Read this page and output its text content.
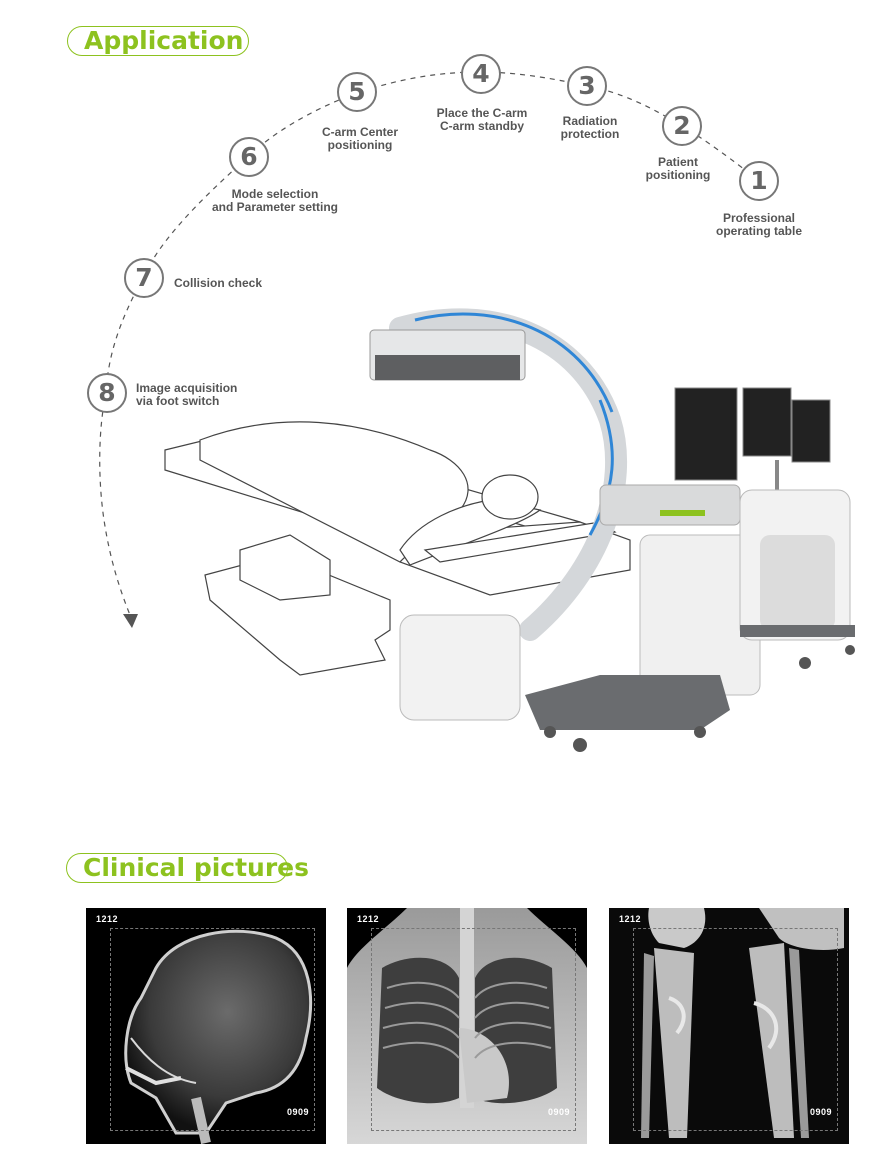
Application
1
Professional
operating table
2
Patient
positioning
3
Radiation
protection
4
Place the C-arm
C-arm standby
5
C-arm Center
positioning
6
Mode selection
and Parameter setting
7	Collision check
8	Image acquisition
via foot switch
Clinical pictures
1212
0909
1212
0909
1212
0909
